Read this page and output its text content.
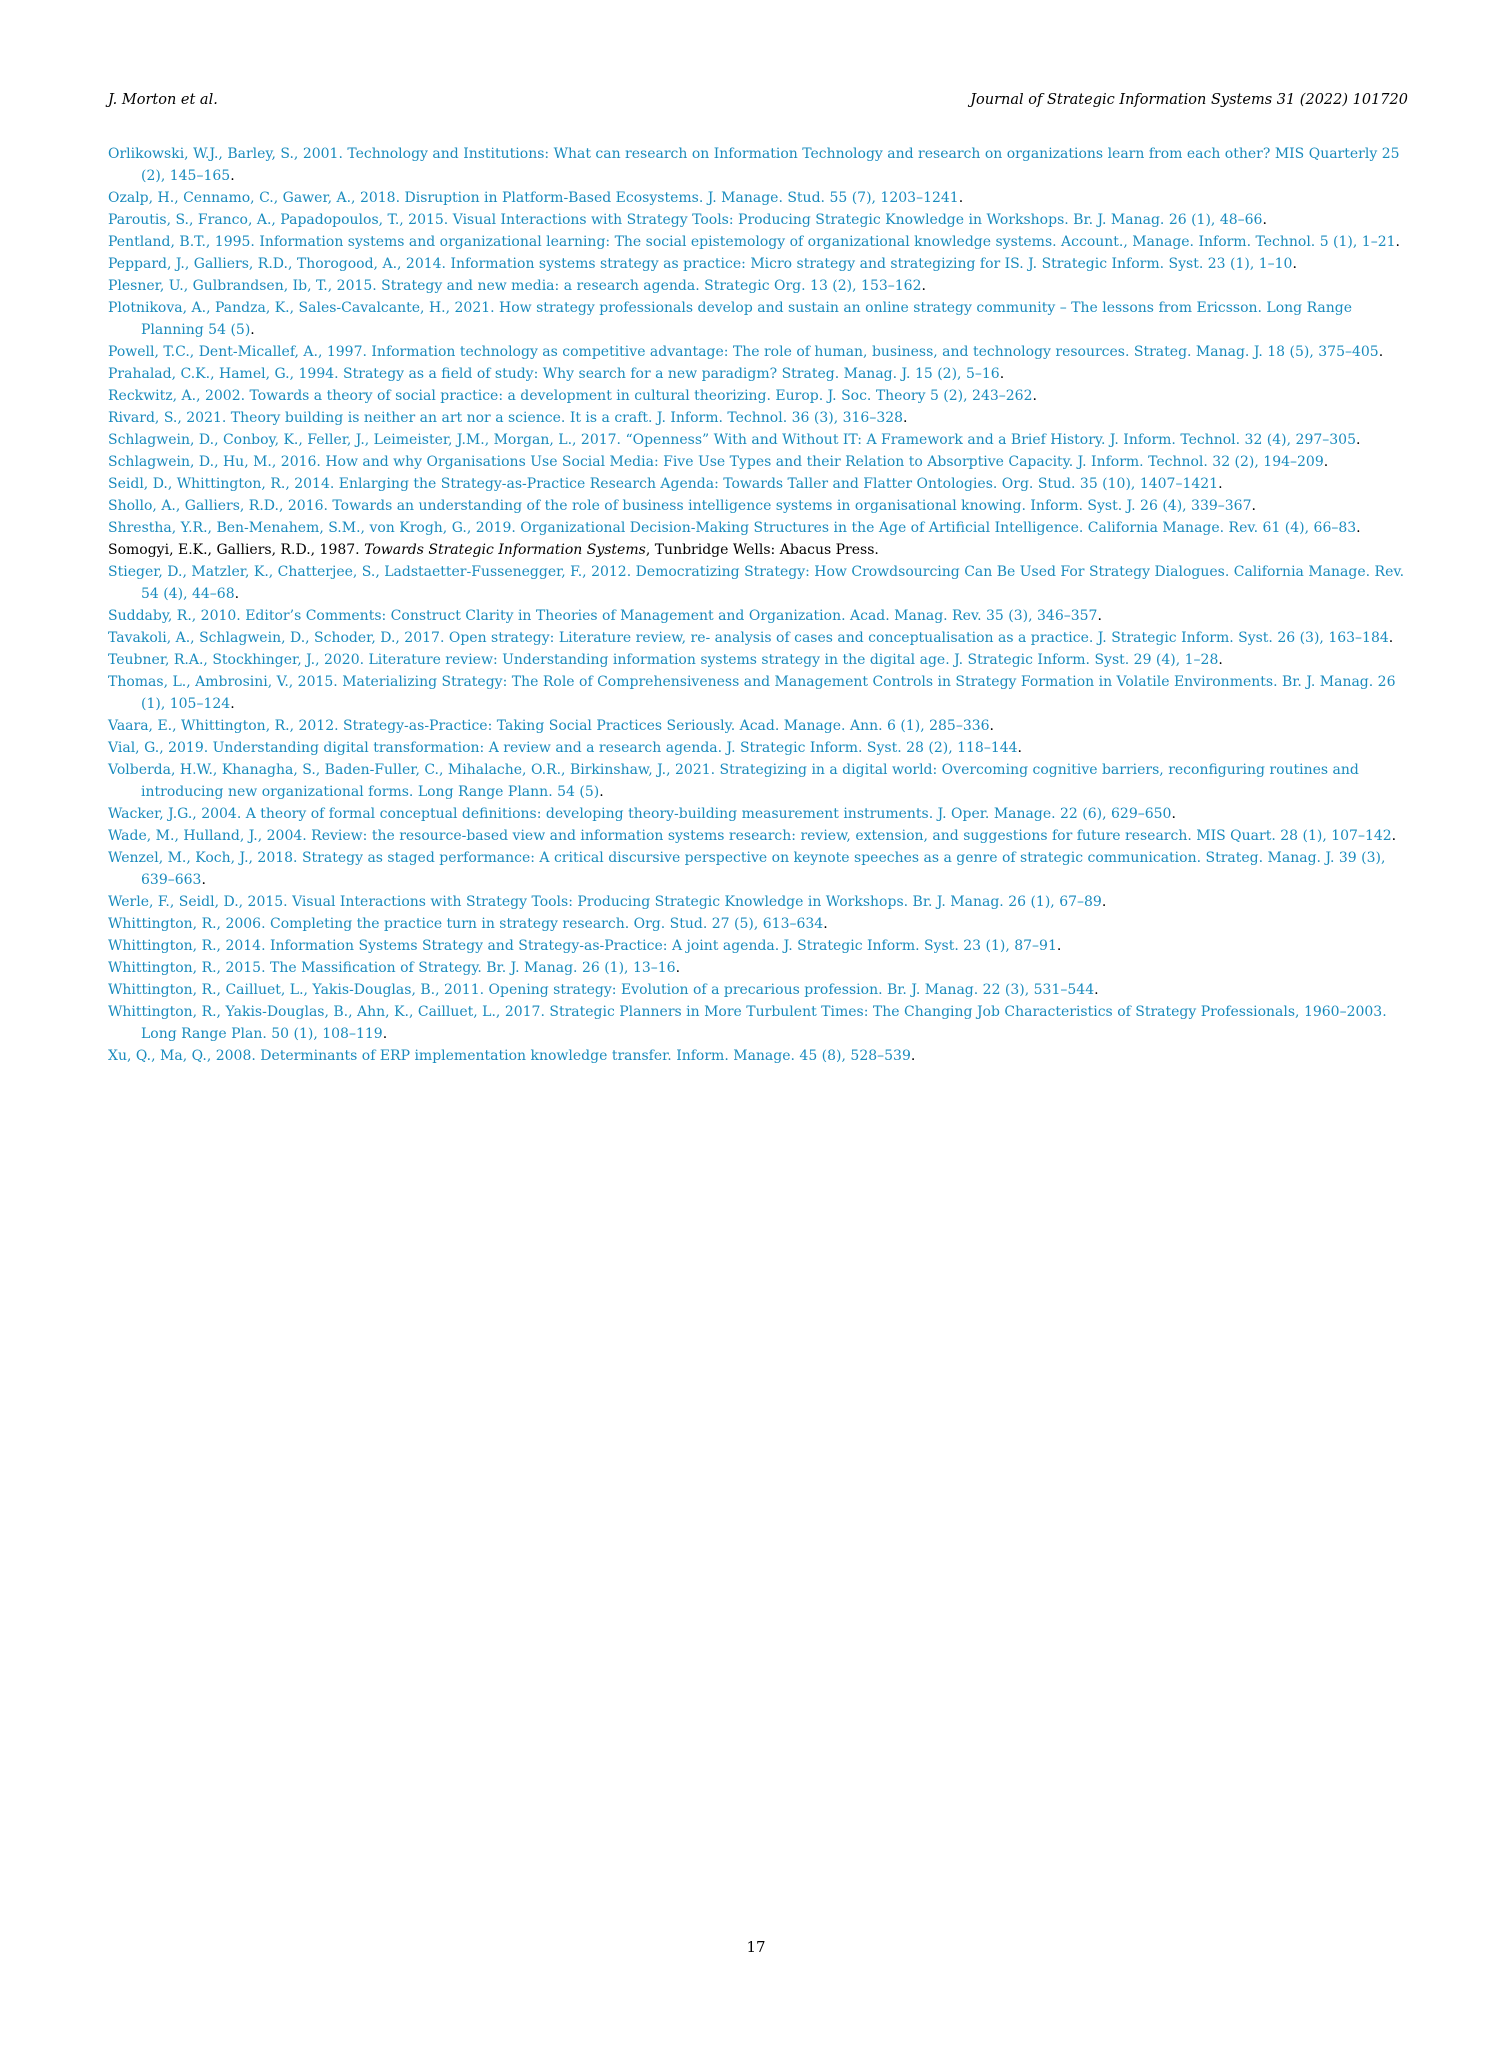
J. Morton et al.	Journal of Strategic Information Systems 31 (2022) 101720
Orlikowski, W.J., Barley, S., 2001. Technology and Institutions: What can research on Information Technology and research on organizations learn from each other? MIS Quarterly 25 (2), 145–165.
Ozalp, H., Cennamo, C., Gawer, A., 2018. Disruption in Platform-Based Ecosystems. J. Manage. Stud. 55 (7), 1203–1241.
Paroutis, S., Franco, A., Papadopoulos, T., 2015. Visual Interactions with Strategy Tools: Producing Strategic Knowledge in Workshops. Br. J. Manag. 26 (1), 48–66.
Pentland, B.T., 1995. Information systems and organizational learning: The social epistemology of organizational knowledge systems. Account., Manage. Inform. Technol. 5 (1), 1–21.
Peppard, J., Galliers, R.D., Thorogood, A., 2014. Information systems strategy as practice: Micro strategy and strategizing for IS. J. Strategic Inform. Syst. 23 (1), 1–10.
Plesner, U., Gulbrandsen, Ib, T., 2015. Strategy and new media: a research agenda. Strategic Org. 13 (2), 153–162.
Plotnikova, A., Pandza, K., Sales-Cavalcante, H., 2021. How strategy professionals develop and sustain an online strategy community – The lessons from Ericsson. Long Range Planning 54 (5).
Powell, T.C., Dent-Micallef, A., 1997. Information technology as competitive advantage: The role of human, business, and technology resources. Strateg. Manag. J. 18 (5), 375–405.
Prahalad, C.K., Hamel, G., 1994. Strategy as a field of study: Why search for a new paradigm? Strateg. Manag. J. 15 (2), 5–16.
Reckwitz, A., 2002. Towards a theory of social practice: a development in cultural theorizing. Europ. J. Soc. Theory 5 (2), 243–262.
Rivard, S., 2021. Theory building is neither an art nor a science. It is a craft. J. Inform. Technol. 36 (3), 316–328.
Schlagwein, D., Conboy, K., Feller, J., Leimeister, J.M., Morgan, L., 2017. “Openness” With and Without IT: A Framework and a Brief History. J. Inform. Technol. 32 (4), 297–305.
Schlagwein, D., Hu, M., 2016. How and why Organisations Use Social Media: Five Use Types and their Relation to Absorptive Capacity. J. Inform. Technol. 32 (2), 194–209.
Seidl, D., Whittington, R., 2014. Enlarging the Strategy-as-Practice Research Agenda: Towards Taller and Flatter Ontologies. Org. Stud. 35 (10), 1407–1421.
Shollo, A., Galliers, R.D., 2016. Towards an understanding of the role of business intelligence systems in organisational knowing. Inform. Syst. J. 26 (4), 339–367.
Shrestha, Y.R., Ben-Menahem, S.M., von Krogh, G., 2019. Organizational Decision-Making Structures in the Age of Artificial Intelligence. California Manage. Rev. 61 (4), 66–83.
Somogyi, E.K., Galliers, R.D., 1987. Towards Strategic Information Systems, Tunbridge Wells: Abacus Press.
Stieger, D., Matzler, K., Chatterjee, S., Ladstaetter-Fussenegger, F., 2012. Democratizing Strategy: How Crowdsourcing Can Be Used For Strategy Dialogues. California Manage. Rev. 54 (4), 44–68.
Suddaby, R., 2010. Editor’s Comments: Construct Clarity in Theories of Management and Organization. Acad. Manag. Rev. 35 (3), 346–357.
Tavakoli, A., Schlagwein, D., Schoder, D., 2017. Open strategy: Literature review, re- analysis of cases and conceptualisation as a practice. J. Strategic Inform. Syst. 26 (3), 163–184.
Teubner, R.A., Stockhinger, J., 2020. Literature review: Understanding information systems strategy in the digital age. J. Strategic Inform. Syst. 29 (4), 1–28.
Thomas, L., Ambrosini, V., 2015. Materializing Strategy: The Role of Comprehensiveness and Management Controls in Strategy Formation in Volatile Environments. Br. J. Manag. 26 (1), 105–124.
Vaara, E., Whittington, R., 2012. Strategy-as-Practice: Taking Social Practices Seriously. Acad. Manage. Ann. 6 (1), 285–336.
Vial, G., 2019. Understanding digital transformation: A review and a research agenda. J. Strategic Inform. Syst. 28 (2), 118–144.
Volberda, H.W., Khanagha, S., Baden-Fuller, C., Mihalache, O.R., Birkinshaw, J., 2021. Strategizing in a digital world: Overcoming cognitive barriers, reconfiguring routines and introducing new organizational forms. Long Range Plann. 54 (5).
Wacker, J.G., 2004. A theory of formal conceptual definitions: developing theory-building measurement instruments. J. Oper. Manage. 22 (6), 629–650.
Wade, M., Hulland, J., 2004. Review: the resource-based view and information systems research: review, extension, and suggestions for future research. MIS Quart. 28 (1), 107–142.
Wenzel, M., Koch, J., 2018. Strategy as staged performance: A critical discursive perspective on keynote speeches as a genre of strategic communication. Strateg. Manag. J. 39 (3), 639–663.
Werle, F., Seidl, D., 2015. Visual Interactions with Strategy Tools: Producing Strategic Knowledge in Workshops. Br. J. Manag. 26 (1), 67–89.
Whittington, R., 2006. Completing the practice turn in strategy research. Org. Stud. 27 (5), 613–634.
Whittington, R., 2014. Information Systems Strategy and Strategy-as-Practice: A joint agenda. J. Strategic Inform. Syst. 23 (1), 87–91.
Whittington, R., 2015. The Massification of Strategy. Br. J. Manag. 26 (1), 13–16.
Whittington, R., Cailluet, L., Yakis-Douglas, B., 2011. Opening strategy: Evolution of a precarious profession. Br. J. Manag. 22 (3), 531–544.
Whittington, R., Yakis-Douglas, B., Ahn, K., Cailluet, L., 2017. Strategic Planners in More Turbulent Times: The Changing Job Characteristics of Strategy Professionals, 1960–2003. Long Range Plan. 50 (1), 108–119.
Xu, Q., Ma, Q., 2008. Determinants of ERP implementation knowledge transfer. Inform. Manage. 45 (8), 528–539.
17
